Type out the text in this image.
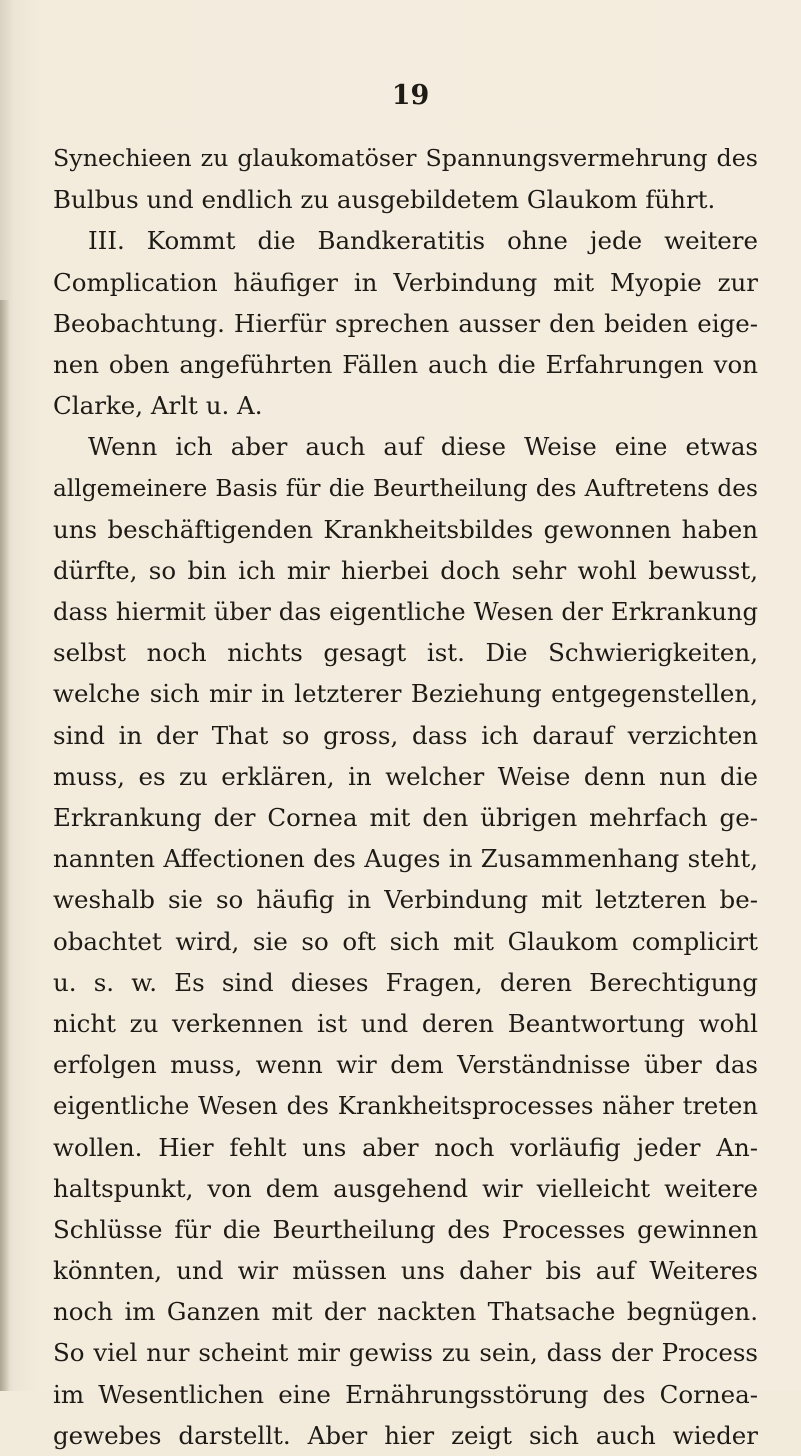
19
Synechieen zu glaukomatöser Spannungsvermehrung des
Bulbus und endlich zu ausgebildetem Glaukom führt.
III. Kommt die Bandkeratitis ohne jede weitere
Complication häufiger in Verbindung mit Myopie zur
Beobachtung. Hierfür sprechen ausser den beiden eige-
nen oben angeführten Fällen auch die Erfahrungen von
Clarke, Arlt u. A.
Wenn ich aber auch auf diese Weise eine etwas
allgemeinere Basis für die Beurtheilung des Auftretens des
uns beschäftigenden Krankheitsbildes gewonnen haben
dürfte, so bin ich mir hierbei doch sehr wohl bewusst,
dass hiermit über das eigentliche Wesen der Erkrankung
selbst noch nichts gesagt ist. Die Schwierigkeiten,
welche sich mir in letzterer Beziehung entgegenstellen,
sind in der That so gross, dass ich darauf verzichten
muss, es zu erklären, in welcher Weise denn nun die
Erkrankung der Cornea mit den übrigen mehrfach ge-
nannten Affectionen des Auges in Zusammenhang steht,
weshalb sie so häufig in Verbindung mit letzteren be-
obachtet wird, sie so oft sich mit Glaukom complicirt
u. s. w. Es sind dieses Fragen, deren Berechtigung
nicht zu verkennen ist und deren Beantwortung wohl
erfolgen muss, wenn wir dem Verständnisse über das
eigentliche Wesen des Krankheitsprocesses näher treten
wollen. Hier fehlt uns aber noch vorläufig jeder An-
haltspunkt, von dem ausgehend wir vielleicht weitere
Schlüsse für die Beurtheilung des Processes gewinnen
könnten, und wir müssen uns daher bis auf Weiteres
noch im Ganzen mit der nackten Thatsache begnügen.
So viel nur scheint mir gewiss zu sein, dass der Process
im Wesentlichen eine Ernährungsstörung des Cornea-
gewebes darstellt. Aber hier zeigt sich auch wieder
